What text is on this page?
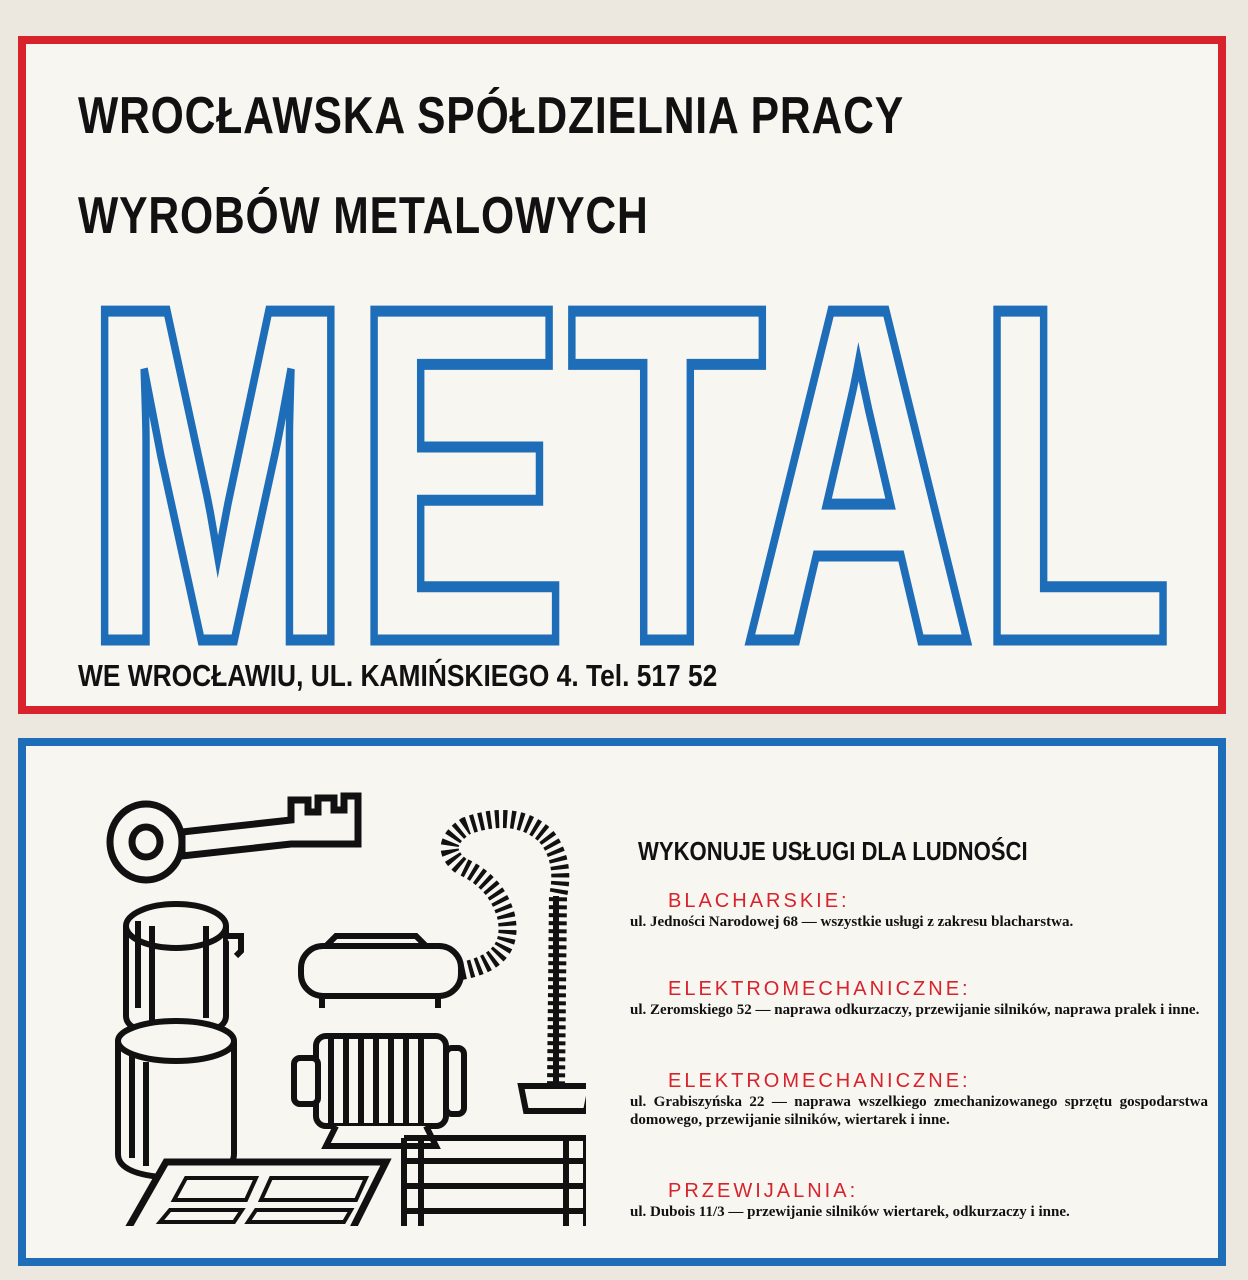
WROCŁAWSKA SPÓŁDZIELNIA PRACY
WYROBÓW METALOWYCH
METAL
WE WROCŁAWIU, UL. KAMIŃSKIEGO 4. Tel. 517 52
WYKONUJE USŁUGI DLA LUDNOŚCI
BLACHARSKIE:
ul. Jedności Narodowej 68 — wszystkie usługi z zakresu blacharstwa.
ELEKTROMECHANICZNE:
ul. Zeromskiego 52 — naprawa odkurzaczy, przewijanie silników, naprawa pralek i inne.
ELEKTROMECHANICZNE:
ul. Grabiszyńska 22 — naprawa wszelkiego zmechanizowanego sprzętu gospodarstwa domowego, przewijanie silników, wiertarek i inne.
PRZEWIJALNIA:
ul. Dubois 11/3 — przewijanie silników wiertarek, odkurzaczy i inne.
